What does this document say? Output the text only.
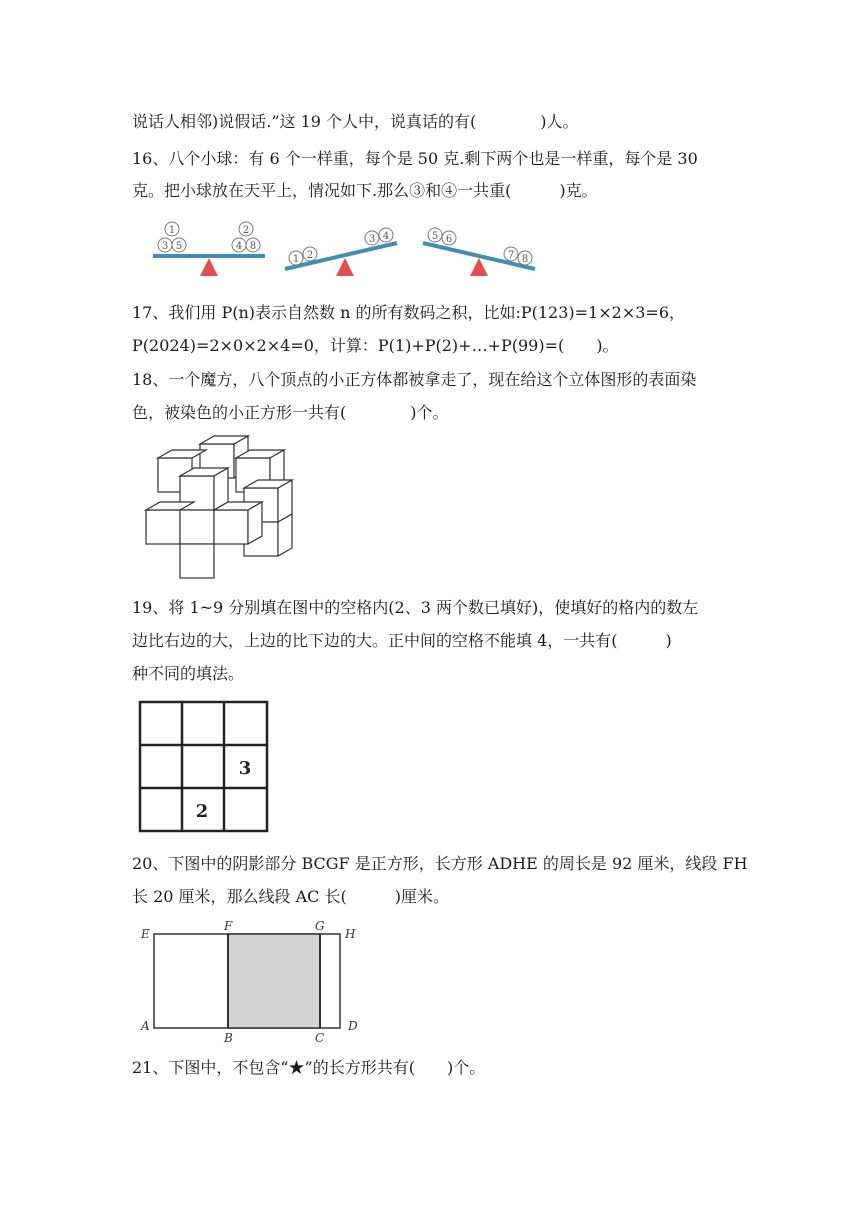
说话人相邻)说假话.”这 19 个人中，说真话的有(　　　　)人。
16、八个小球：有 6 个一样重，每个是 50 克.剩下两个也是一样重，每个是 30
克。把小球放在天平上，情况如下.那么③和④一共重(　　　)克。
1
3 5
2
4 8
1 2
3 4	5 6
7 8
17、我们用 P(n)表示自然数 n 的所有数码之积，比如:P(123)=1×2×3=6，
P(2024)=2×0×2×4=0，计算：P(1)+P(2)+…+P(99)=(　　)。
18、一个魔方，八个顶点的小正方体都被拿走了，现在给这个立体图形的表面染
色，被染色的小正方形一共有(　　　　)个。
19、将 1~9 分别填在图中的空格内(2、3 两个数已填好)，使填好的格内的数左
边比右边的大，上边的比下边的大。正中间的空格不能填 4，一共有(　　　)
种不同的填法。
3
2
20、下图中的阴影部分 BCGF 是正方形，长方形 ADHE 的周长是 92 厘米，线段 FH
长 20 厘米，那么线段 AC 长(　　　)厘米。
E
F	G
H
A
B	C
D
21、下图中，不包含“★”的长方形共有(　　)个。
